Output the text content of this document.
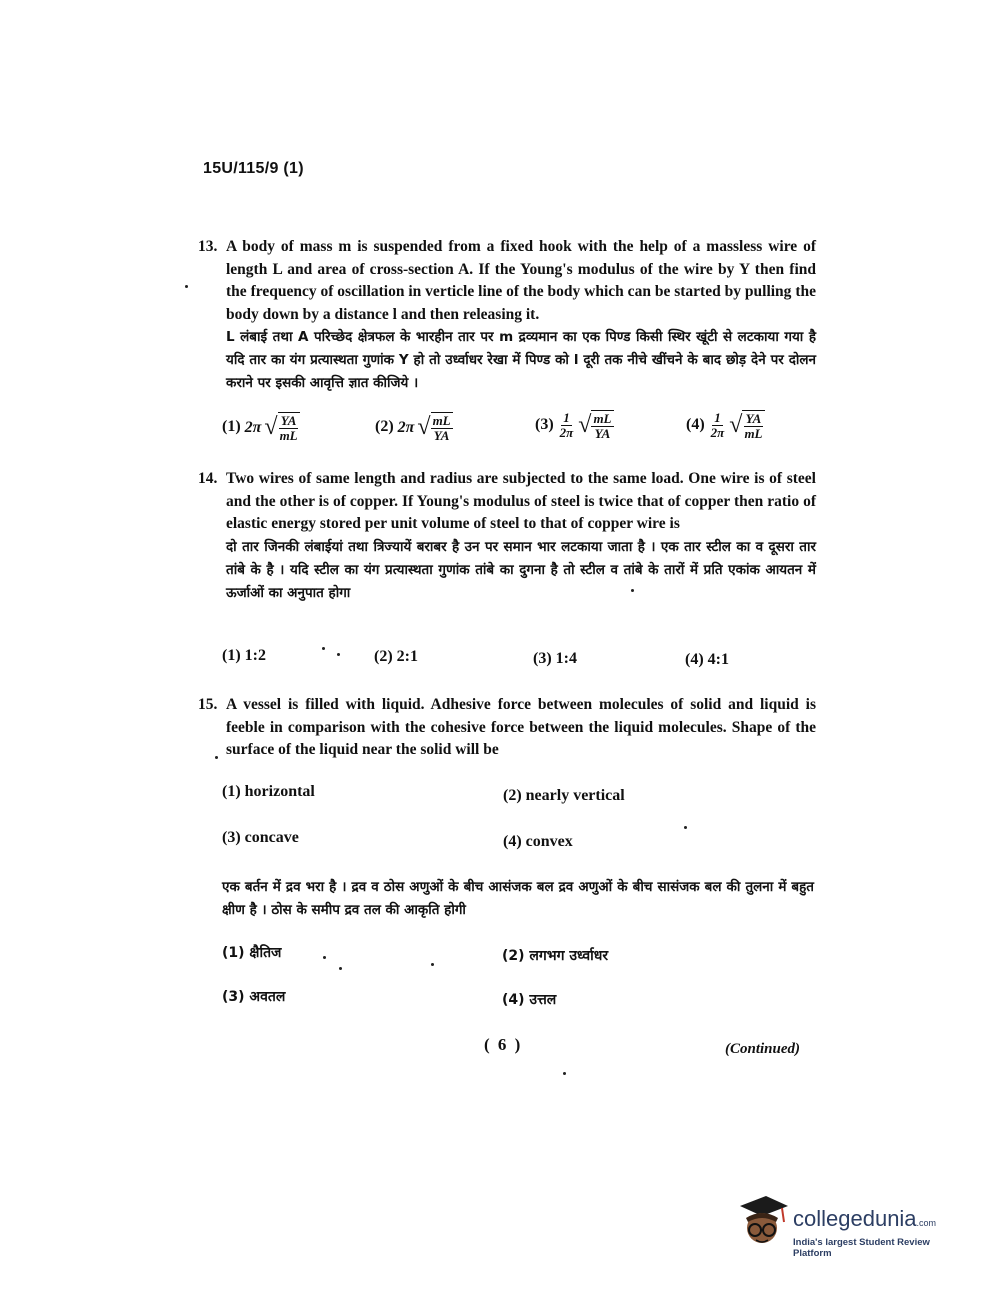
15U/115/9 (1)
13. A body of mass m is suspended from a fixed hook with the help of a massless wire of length L and area of cross-section A. If the Young's modulus of the wire by Y then find the frequency of oscillation in verticle line of the body which can be started by pulling the body down by a distance l and then releasing it.
L लंबाई तथा A परिच्छेद क्षेत्रफल के भारहीन तार पर m द्रव्यमान का एक पिण्ड किसी स्थिर खूंटी से लटकाया गया है यदि तार का यंग प्रत्यास्थता गुणांक Y हो तो उर्ध्वाधर रेखा में पिण्ड को l दूरी तक नीचे खींचने के बाद छोड़ देने पर दोलन कराने पर इसकी आवृत्ति ज्ञात कीजिये ।
(1) 2π √ $\frac{YA}{mL}$	(2) 2π √ $\frac{mL}{YA}$	$(3) \frac{1}{2\pi}$ √ $\frac{mL}{YA}$	$(4) \frac{1}{2\pi}$ √ $\frac{YA}{mL}$
14. Two wires of same length and radius are subjected to the same load. One wire is of steel and the other is of copper. If Young's modulus of steel is twice that of copper then ratio of elastic energy stored per unit volume of steel to that of copper wire is
दो तार जिनकी लंबाईयां तथा त्रिज्यायें बराबर है उन पर समान भार लटकाया जाता है । एक तार स्टील का व दूसरा तार तांबे के है । यदि स्टील का यंग प्रत्यास्थता गुणांक तांबे का दुगना है तो स्टील व तांबे के तारों में प्रति एकांक आयतन में ऊर्जाओं का अनुपात होगा
(1) 1:2	(2) 2:1	(3) 1:4	(4) 4:1
15. A vessel is filled with liquid. Adhesive force between molecules of solid and liquid is feeble in comparison with the cohesive force between the liquid molecules. Shape of the surface of the liquid near the solid will be
(1) horizontal	(2) nearly vertical
(3) concave	(4) convex
एक बर्तन में द्रव भरा है । द्रव व ठोस अणुओं के बीच आसंजक बल द्रव अणुओं के बीच सासंजक बल की तुलना में बहुत क्षीण है । ठोस के समीप द्रव तल की आकृति होगी
(1) क्षैतिज	(2) लगभग उर्ध्वाधर
(3) अवतल	(4) उत्तल
( 6 )	(Continued)
collegedunia.com
India's largest Student Review Platform
